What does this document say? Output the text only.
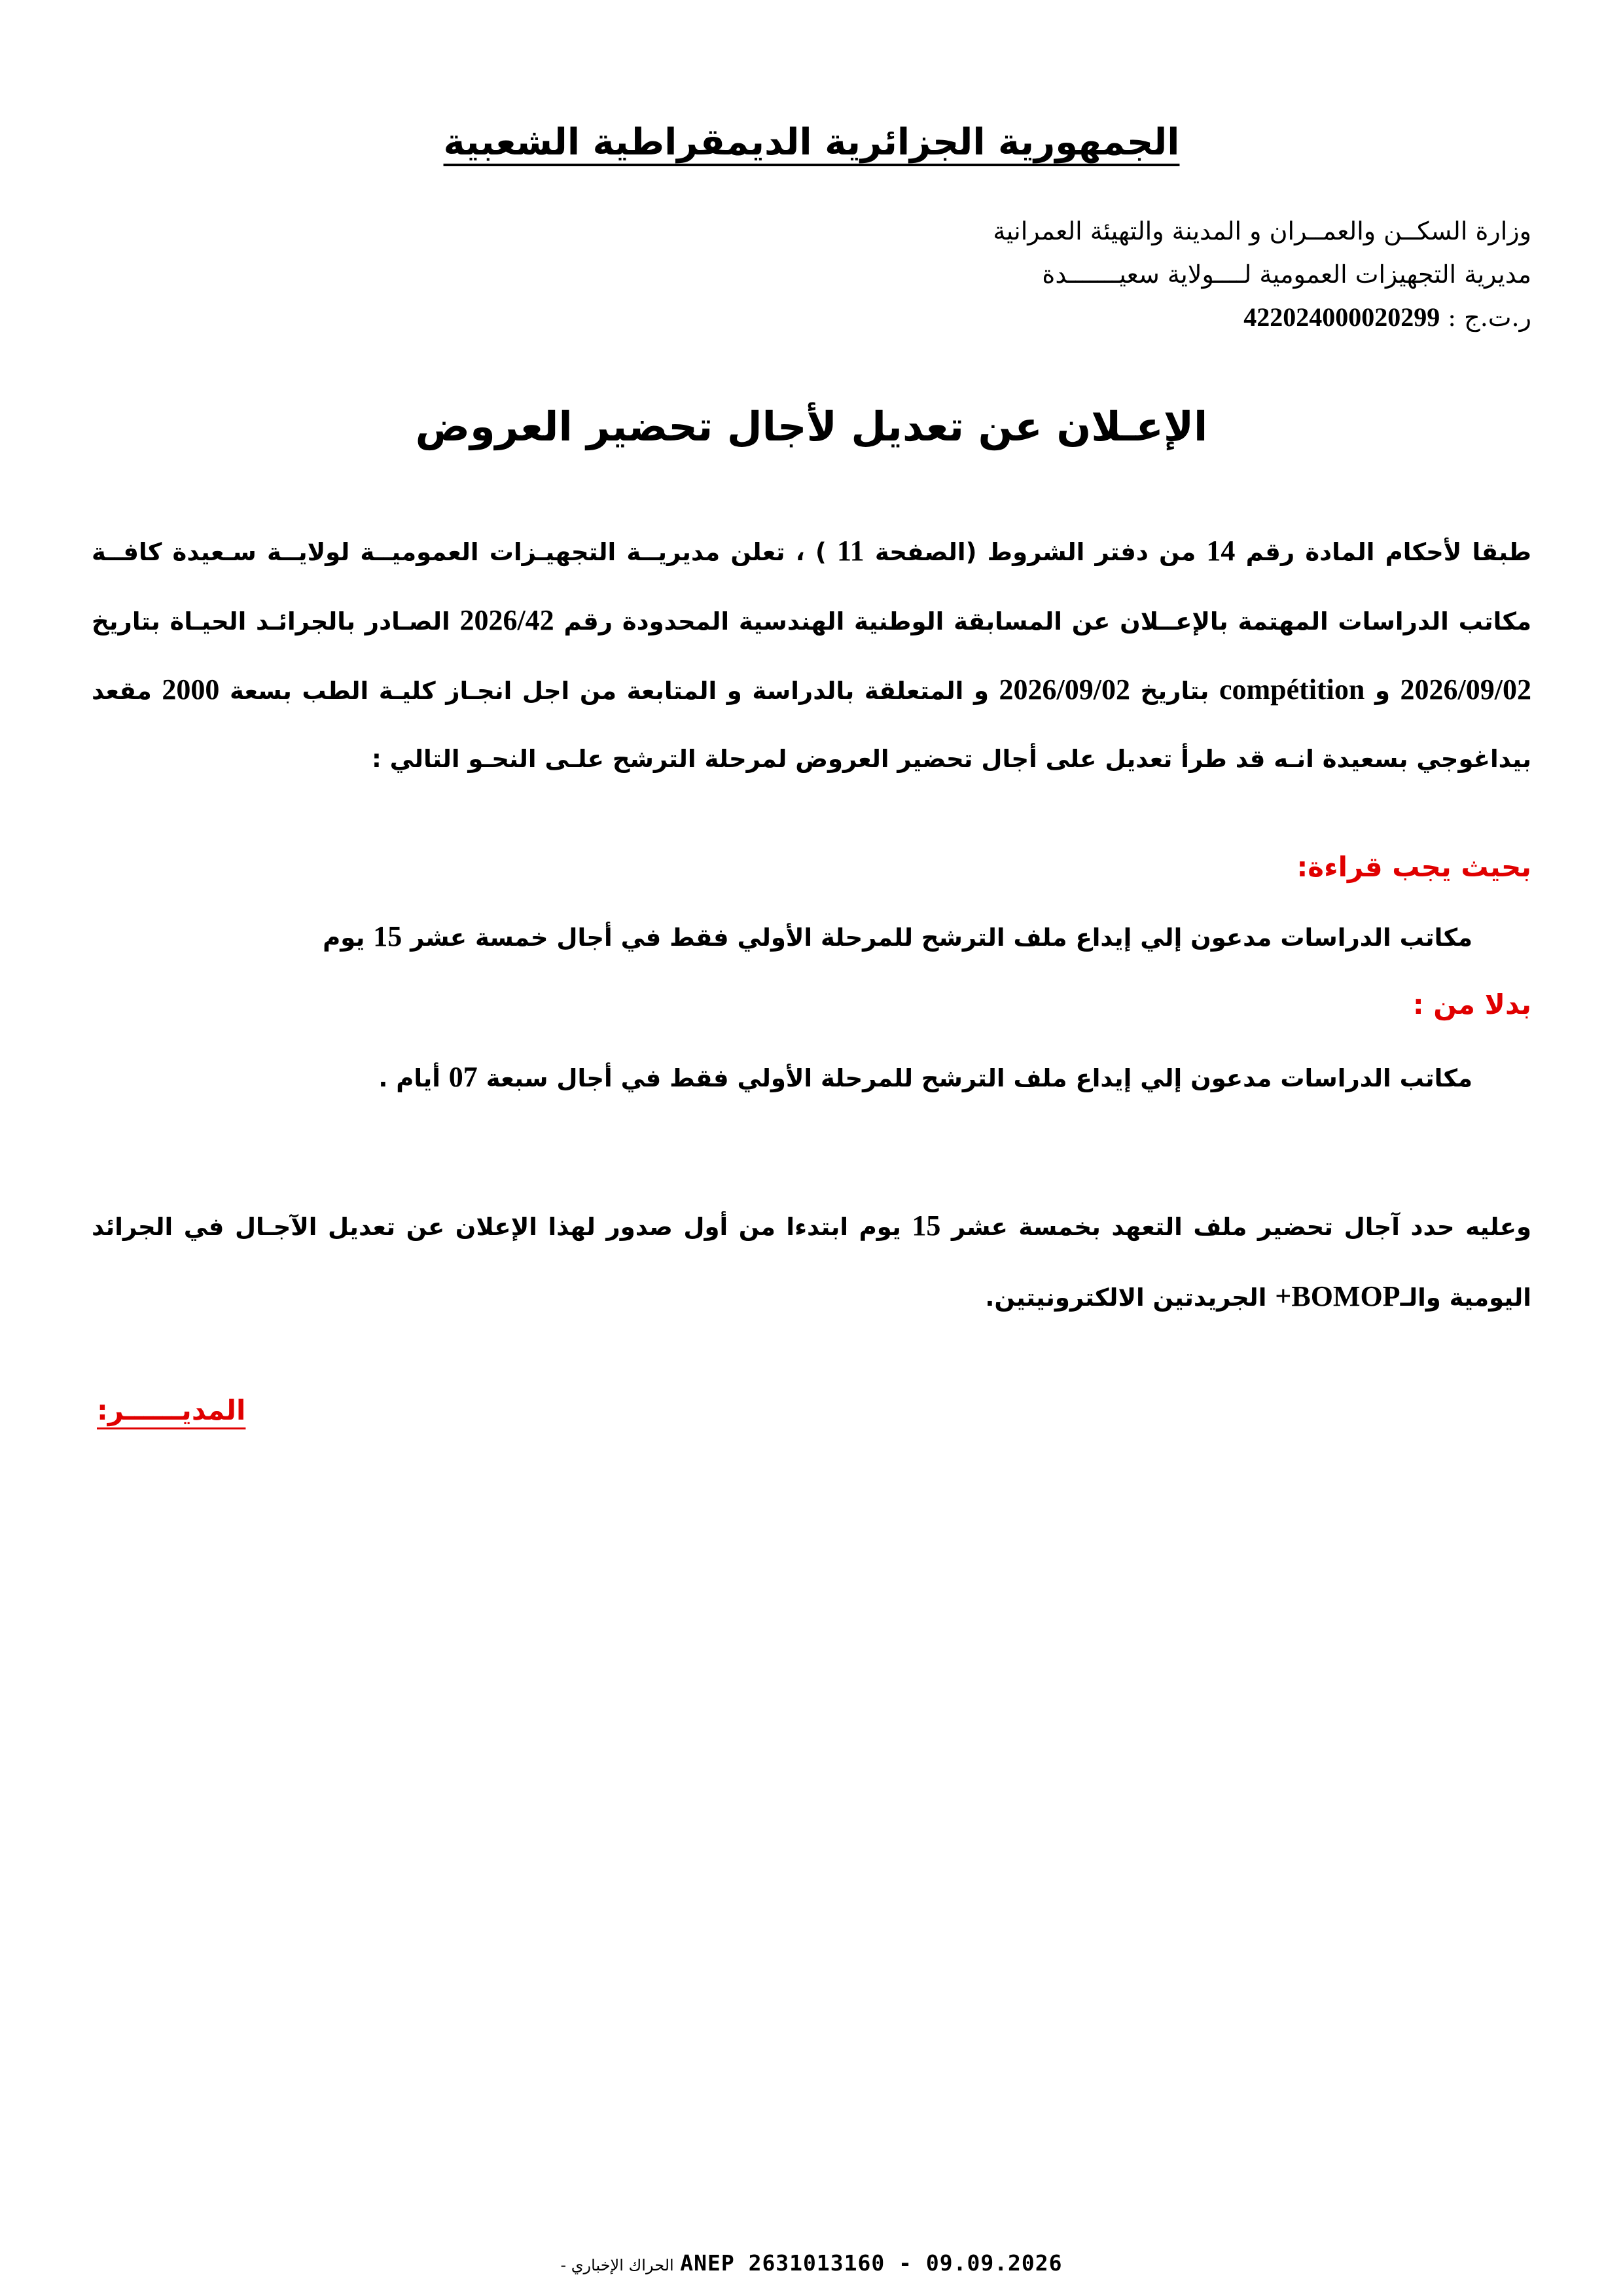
الجمهورية الجزائرية الديمقراطية الشعبية
وزارة السكــن والعمــران و المدينة والتهيئة العمرانية
مديرية التجهيزات العمومية لــــولاية سعيـــــــدة
ر.ت.ج : 422024000020299
الإعـلان عن تعديل لأجال تحضير العروض
طبقا لأحكام المادة رقم 14 من دفتر الشروط (الصفحة 11 ) ، تعلن مديريــة التجهيـزات العموميــة لولايــة سـعيدة كافــة مكاتب الدراسات المهتمة بالإعــلان عن المسابقة الوطنية الهندسية المحدودة رقم 2026/42 الصـادر بالجرائـد الحيـاة بتاريخ 2026/09/02 و compétition بتاريخ 2026/09/02 و المتعلقة بالدراسة و المتابعة من اجل انجـاز كليـة الطب بسعة 2000 مقعد بيداغوجي بسعيدة انـه قد طرأ تعديل على أجال تحضير العروض لمرحلة الترشح علـى النحـو التالي :
بحيث يجب قراءة:
مكاتب الدراسات مدعون إلي إيداع ملف الترشح للمرحلة الأولي فقط في أجال خمسة عشر 15 يوم
بدلا من :
مكاتب الدراسات مدعون إلي إيداع ملف الترشح للمرحلة الأولي فقط في أجال سبعة 07 أيام .
وعليه حدد آجال تحضير ملف التعهد بخمسة عشر 15 يوم ابتدءا من أول صدور لهذا الإعلان عن تعديل الآجـال في الجرائد اليومية والـBOMOP+ الجريدتين الالكترونيتين.
المديــــــر:
- الحراك الإخباري ANEP 2631013160 - 09.09.2026
